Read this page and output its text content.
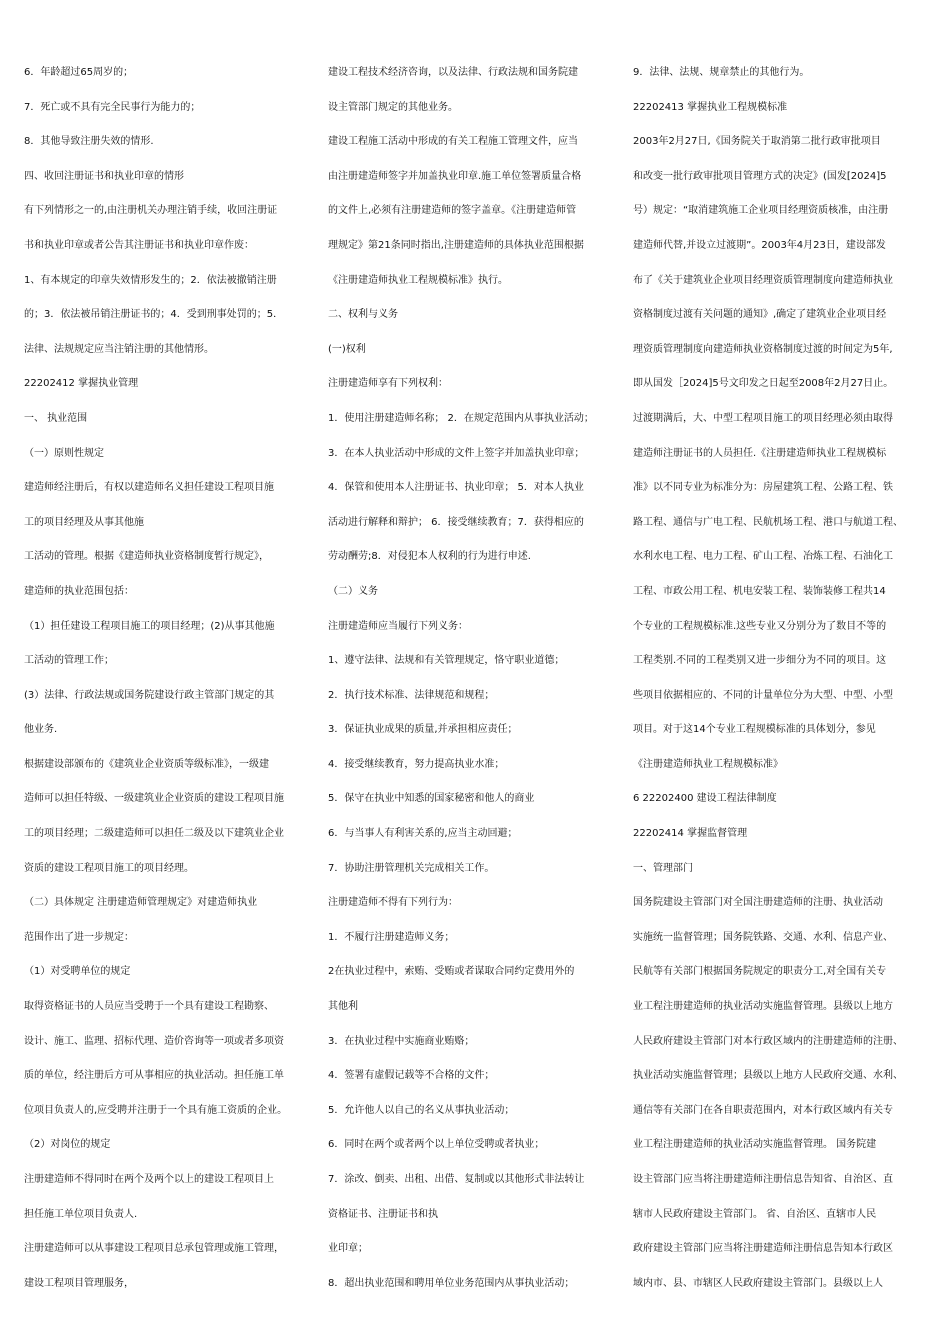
6．年龄超过65周岁的；

7．死亡或不具有完全民事行为能力的；

8．其他导致注册失效的情形.

四、收回注册证书和执业印章的情形

有下列情形之一的,由注册机关办理注销手续，收回注册证

书和执业印章或者公告其注册证书和执业印章作废：

1、有本规定的印章失效情形发生的；2．依法被撤销注册

的；3．依法被吊销注册证书的；4．受到刑事处罚的；5．

法律、法规规定应当注销注册的其他情形。

22202412 掌握执业管理

一、 执业范围

（一）原则性规定

建造师经注册后，有权以建造师名义担任建设工程项目施

工的项目经理及从事其他施

工活动的管理。根据《建造师执业资格制度暂行规定》，

建造师的执业范围包括：

（1）担任建设工程项目施工的项目经理；(2)从事其他施

工活动的管理工作；

(3）法律、行政法规或国务院建设行政主管部门规定的其

他业务.

根据建设部颁布的《建筑业企业资质等级标准》，一级建

造师可以担任特级、一级建筑业企业资质的建设工程项目施

工的项目经理；二级建造师可以担任二级及以下建筑业企业

资质的建设工程项目施工的项目经理。

（二）具体规定 注册建造师管理规定》对建造师执业

范围作出了进一步规定：

（1）对受聘单位的规定

取得资格证书的人员应当受聘于一个具有建设工程勘察、

设计、施工、监理、招标代理、造价咨询等一项或者多项资

质的单位，经注册后方可从事相应的执业活动。担任施工单

位项目负责人的,应受聘并注册于一个具有施工资质的企业。

（2）对岗位的规定

注册建造师不得同时在两个及两个以上的建设工程项目上

担任施工单位项目负责人.

注册建造师可以从事建设工程项目总承包管理或施工管理，

建设工程项目管理服务，

建设工程技术经济咨询，以及法律、行政法规和国务院建

设主管部门规定的其他业务。

建设工程施工活动中形成的有关工程施工管理文件，应当

由注册建造师签字并加盖执业印章.施工单位签署质量合格

的文件上,必须有注册建造师的签字盖章。《注册建造师管

理规定》第21条同时指出,注册建造师的具体执业范围根据

《注册建造师执业工程规模标准》执行。

二、权利与义务

(一)权利

注册建造师享有下列权利：

1．使用注册建造师名称； 2．在规定范围内从事执业活动；

3．在本人执业活动中形成的文件上签字并加盖执业印章；

4．保管和使用本人注册证书、执业印章； 5．对本人执业

活动进行解释和辩护； 6．接受继续教育；7．获得相应的

劳动酬劳;8．对侵犯本人权利的行为进行申述.

（二）义务

注册建造师应当履行下列义务：

1、遵守法律、法规和有关管理规定，恪守职业道德；

2．执行技术标准、法律规范和规程；

3．保证执业成果的质量,并承担相应责任；

4．接受继续教育，努力提高执业水准；

5．保守在执业中知悉的国家秘密和他人的商业

6．与当事人有利害关系的,应当主动回避；

7．协助注册管理机关完成相关工作。

注册建造师不得有下列行为：

1．不履行注册建造师义务；

2在执业过程中，索贿、受贿或者谋取合同约定费用外的

其他利

3．在执业过程中实施商业贿赂；

4．签署有虚假记载等不合格的文件；

5．允许他人以自己的名义从事执业活动；

6．同时在两个或者两个以上单位受聘或者执业；

7．涂改、倒卖、出租、出借、复制或以其他形式非法转让

资格证书、注册证书和执

业印章；

8．超出执业范围和聘用单位业务范围内从事执业活动；

9．法律、法规、规章禁止的其他行为。

22202413 掌握执业工程规模标准

2003年2月27日,《国务院关于取消第二批行政审批项目

和改变一批行政审批项目管理方式的决定》(国发[2024]5

号）规定：“取消建筑施工企业项目经理资质核准，由注册

建造师代替,并设立过渡期”。2003年4月23日，建设部发

布了《关于建筑业企业项目经理资质管理制度向建造师执业

资格制度过渡有关问题的通知》,确定了建筑业企业项目经

理资质管理制度向建造师执业资格制度过渡的时间定为5年,

即从国发［2024]5号文印发之日起至2008年2月27日止。

过渡期满后，大、中型工程项目施工的项目经理必须由取得

建造师注册证书的人员担任.《注册建造师执业工程规模标

准》以不同专业为标准分为：房屋建筑工程、公路工程、铁

路工程、通信与广电工程、民航机场工程、港口与航道工程、

水利水电工程、电力工程、矿山工程、冶炼工程、石油化工

工程、市政公用工程、机电安装工程、装饰装修工程共14

个专业的工程规模标准.这些专业又分别分为了数目不等的

工程类别.不同的工程类别又进一步细分为不同的项目。这

些项目依据相应的、不同的计量单位分为大型、中型、小型

项目。对于这14个专业工程规模标准的具体划分，参见

《注册建造师执业工程规模标准》

6 22202400 建设工程法律制度

22202414 掌握监督管理

一、管理部门

国务院建设主管部门对全国注册建造师的注册、执业活动

实施统一监督管理；国务院铁路、交通、水利、信息产业、

民航等有关部门根据国务院规定的职责分工,对全国有关专

业工程注册建造师的执业活动实施监督管理。县级以上地方

人民政府建设主管部门对本行政区域内的注册建造师的注册、

执业活动实施监督管理；县级以上地方人民政府交通、水利、

通信等有关部门在各自职责范围内，对本行政区域内有关专

业工程注册建造师的执业活动实施监督管理。 国务院建

设主管部门应当将注册建造师注册信息告知省、自治区、直

辖市人民政府建设主管部门。 省、自治区、直辖市人民

政府建设主管部门应当将注册建造师注册信息告知本行政区

域内市、县、市辖区人民政府建设主管部门。县级以上人
